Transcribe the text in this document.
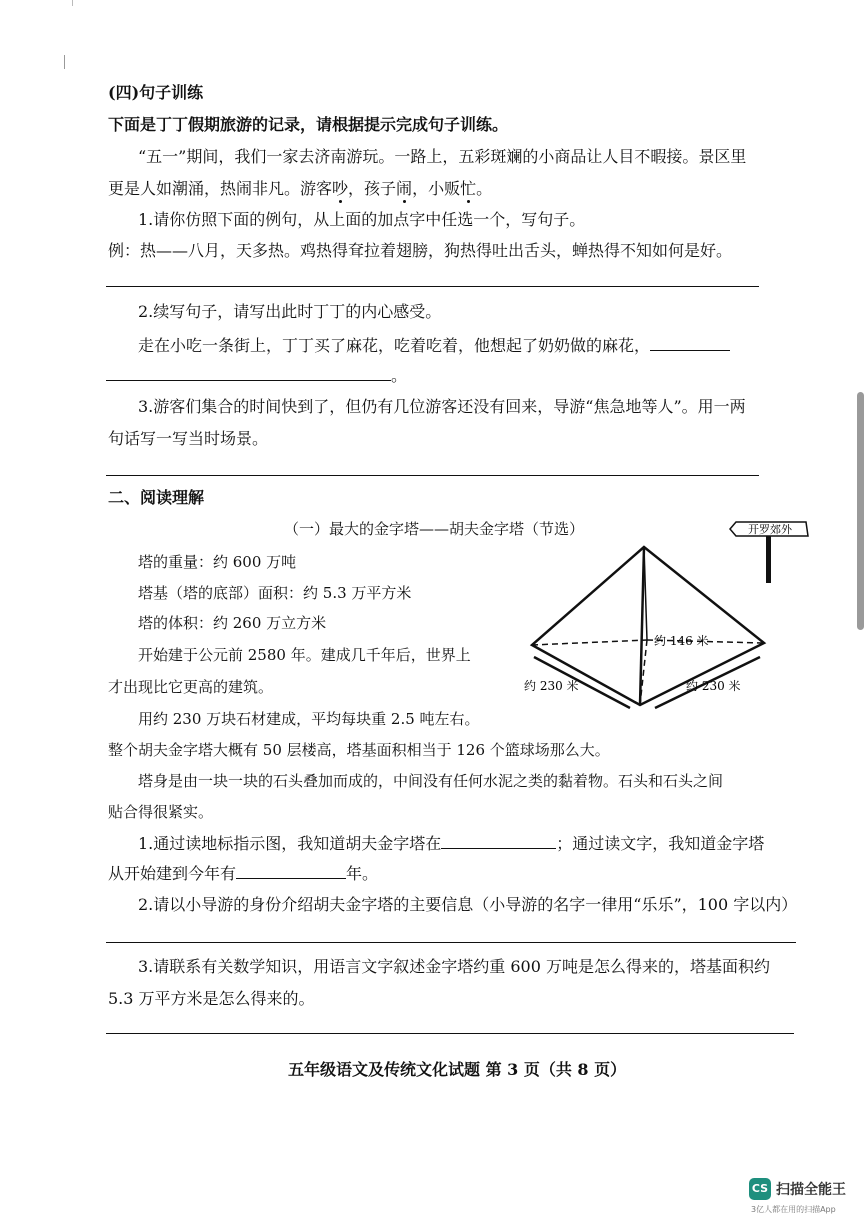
(四)句子训练
下面是丁丁假期旅游的记录，请根据提示完成句子训练。
“五一”期间，我们一家去济南游玩。一路上，五彩斑斓的小商品让人目不暇接。景区里
更是人如潮涌，热闹非凡。游客吵，孩子闹，小贩忙。
1.请你仿照下面的例句，从上面的加点字中任选一个，写句子。
例：热——八月，天多热。鸡热得耷拉着翅膀，狗热得吐出舌头，蝉热得不知如何是好。
2.续写句子，请写出此时丁丁的内心感受。
走在小吃一条街上，丁丁买了麻花，吃着吃着，他想起了奶奶做的麻花，
。
3.游客们集合的时间快到了，但仍有几位游客还没有回来，导游“焦急地等人”。用一两
句话写一写当时场景。
二、阅读理解
（一）最大的金字塔——胡夫金字塔（节选）
塔的重量：约 600 万吨
塔基（塔的底部）面积：约 5.3 万平方米
塔的体积：约 260 万立方米
开始建于公元前 2580 年。建成几千年后，世界上
才出现比它更高的建筑。
用约 230 万块石材建成，平均每块重 2.5 吨左右。
整个胡夫金字塔大概有 50 层楼高，塔基面积相当于 126 个篮球场那么大。
塔身是由一块一块的石头叠加而成的，中间没有任何水泥之类的黏着物。石头和石头之间
贴合得很紧实。
开罗郊外
约 146 米
约 230 米	约 230 米
1.通过读地标指示图，我知道胡夫金字塔在	；通过读文字，我知道金字塔
从开始建到今年有	年。
2.请以小导游的身份介绍胡夫金字塔的主要信息（小导游的名字一律用“乐乐”，100 字以内）
3.请联系有关数学知识，用语言文字叙述金字塔约重 600 万吨是怎么得来的，塔基面积约
5.3 万平方米是怎么得来的。
五年级语文及传统文化试题 第 3 页（共 8 页）
CS 扫描全能王
3亿人都在用的扫描App
